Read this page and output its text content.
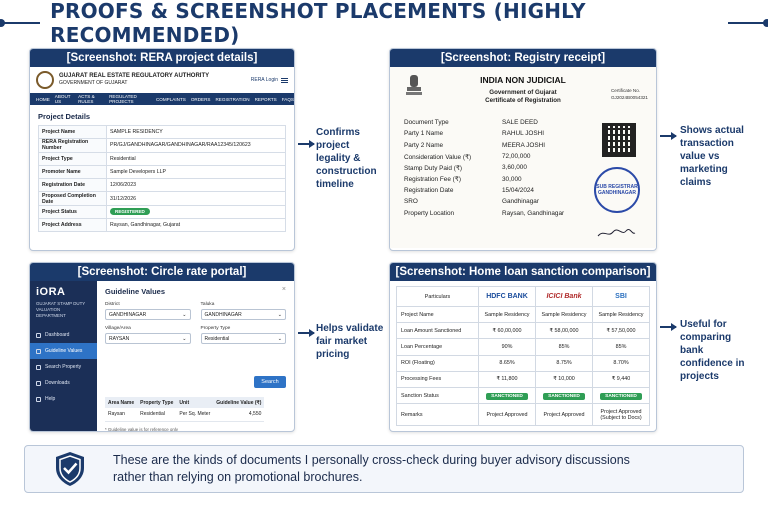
PROOFS & SCREENSHOT PLACEMENTS (HIGHLY RECOMMENDED)
[Screenshot: RERA project details]
GUJARAT REAL ESTATE REGULATORY AUTHORITY
GOVERNMENT OF GUJARAT	RERA Login
HOME ABOUT US
ACTS & RULES
REGULATED PROJECTS	COMPLAINTS ORDERS REGISTRATION REPORTS FAQS
Project Details
Project Name	SAMPLE RESIDENCY
RERA Registration Number	PR/GJ/GANDHINAGAR/GANDHINAGAR/RAA12345/120623
Project Type	Residential
Promoter Name	Sample Developers LLP
Registration Date	12/06/2023
Proposed Completion Date	31/12/2026
Project Status	REGISTERED
Project Address	Raysan, Gandhinagar, Gujarat
Confirms project legality & construction timeline
[Screenshot: Registry receipt]
INDIA NON JUDICIAL
Government of Gujarat
Certificate of Registration
Certificate No.
GJ2024B0054321
Document Type	SALE DEED
Party 1 Name	RAHUL JOSHI
Party 2 Name	MEERA JOSHI
Consideration Value (₹)	72,00,000
Stamp Duty Paid (₹)	3,60,000
Registration Fee (₹)	30,000
Registration Date	15/04/2024
SRO	Gandhinagar
Property Location	Raysan, Gandhinagar
SUB REGISTRAR GANDHINAGAR
Shows actual transaction value vs marketing claims
[Screenshot: Circle rate portal]
iORA
GUJARAT STAMP DUTY VALUATION DEPARTMENT
Dashboard
Guideline Values
Search Property
Downloads
Help
Guideline Values	×
District
GANDHINAGAR	⌄
Taluka
GANDHINAGAR	⌄
Village/Area
RAYSAN	⌄
Property Type
Residential	⌄
Search
Area Name	Property Type	Unit	Guideline Value (₹)
Raysan	Residential	Per Sq. Meter	4,550
* Guideline value is for reference only
Helps validate fair market pricing
[Screenshot: Home loan sanction comparison]
Particulars	HDFC BANK	ICICI Bank	SBI
Project Name	Sample Residency	Sample Residency	Sample Residency
Loan Amount Sanctioned	₹ 60,00,000	₹ 58,00,000	₹ 57,50,000
Loan Percentage	90%	85%	85%
ROI (Floating)	8.65%	8.75%	8.70%
Processing Fees	₹ 11,800	₹ 10,000	₹ 9,440
Sanction Status	SANCTIONED	SANCTIONED	SANCTIONED
Remarks	Project Approved	Project Approved	Project Approved
(Subject to Docs)
Useful for comparing bank confidence in projects
These are the kinds of documents I personally cross-check during buyer advisory discussions
rather than relying on promotional brochures.
